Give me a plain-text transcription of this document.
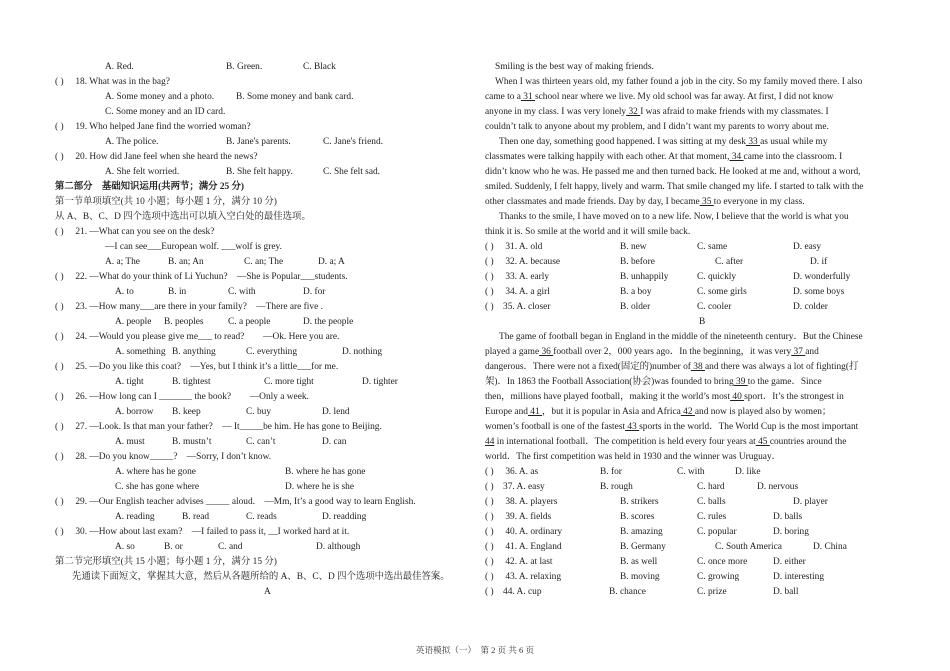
A. Red.	B. Green.	C. Black
( ) 18. What was in the bag?
A. Some money and a photo. B. Some money and bank card.
C. Some money and an ID card.
( ) 19. Who helped Jane find the worried woman?
A. The police.	B. Jane's parents.	C. Jane's friend.
( ) 20. How did Jane feel when she heard the news?
A. She felt worried.	B. She felt happy.	C. She felt sad.
第二部分　基础知识运用(共两节；满分 25 分)
第一节单项填空(共 10 小题；每小题 1 分，满分 10 分)
从 A、B、C、D 四个选项中选出可以填入空白处的最佳选项。
( ) 21. —What can you see on the desk?
—I can see___European wolf. ___wolf is grey.
A. a; The	B. an; An	C. an; The	D. a; A
( ) 22. —What do your think of Li Yuchun?　—She is Popular___students.
A. to	B. in	C. with	D. for
( ) 23. —How many___are there in your family?　—There are five .
A. people B. peoples	C. a people	D. the people
( ) 24. —Would you please give me___ to read?　　—Ok. Here you are.
A. something B. anything	C. everything	D. nothing
( ) 25. —Do you like this coat?　—Yes, but I think it’s a little___for me.
A. tight	B. tightest	C. more tight	D. tighter
( ) 26. —How long can I _______ the book?　　—Only a week.
A. borrow B. keep	C. buy	D. lend
( ) 27. —Look. Is that man your father?　— It_____be him. He has gone to Beijing.
A. must	B. mustn’t	C. can’t	D. can
( ) 28. —Do you know_____?　—Sorry, I don’t know.
A. where has he gone	B. where he has gone
C. she has gone where	D. where he is she
( ) 29. —Our English teacher advises _____ aloud.　—Mm, It’s a good way to learn English.
A. reading	B. read	C. reads	D. readding
( ) 30. —How about last exam?　—I failed to pass it, __I worked hard at it.
A. so	B. or	C. and	D. although
第二节完形填空(共 15 小题；每小题 1 分，满分 15 分)
先通读下面短文，掌握其大意，然后从各题所给的 A、B、C、D 四个选项中选出最佳答案。
A
Smiling is the best way of making friends.
When I was thirteen years old, my father found a job in the city. So my family moved there. I also
came to a 31 school near where we live. My old school was far away. At first, I did not know
anyone in my class. I was very lonely 32 I was afraid to make friends with my classmates. I
couldn’t talk to anyone about my problem, and I didn’t want my parents to worry about me.
Then one day, something good happened. I was sitting at my desk 33 as usual while my
classmates were talking happily with each other. At that moment, 34 came into the classroom. I
didn’t know who he was. He passed me and then turned back. He looked at me and, without a word,
smiled. Suddenly, I felt happy, lively and warm. That smile changed my life. I started to talk with the
other classmates and made friends. Day by day, I became 35 to everyone in my class.
Thanks to the smile, I have moved on to a new life. Now, I believe that the world is what you
think it is. So smile at the world and it will smile back.
( ) 31. A. old	B. new	C. same	D. easy
( ) 32. A. because	B. before	C. after	D. if
( ) 33. A. early	B. unhappily	C. quickly	D. wonderfully
( ) 34. A. a girl	B. a boy	C. some girls	D. some boys
( ) 35. A. closer	B. older	C. cooler	D. colder
B
The game of football began in England in the middle of the nineteenth century．But the Chinese
played a game 36 football over 2，000 years ago．In the beginning，it was very 37 and
dangerous．There were not a fixed(固定的)number of 38 and there was always a lot of fighting(打
架)．In 1863 the Football Association(协会)was founded to bring 39 to the game．Since
then，millions have played football，making it the world’s most 40 sport．It’s the strongest in
Europe and 41 ，but it is popular in Asia and Africa 42 and now is played also by women；
women’s football is one of the fastest 43 sports in the world．The World Cup is the most important
44 in international football．The competition is held every four years at 45 countries around the
world．The first competition was held in 1930 and the winner was Uruguay．
( ) 36. A. as	B. for	C. with	D. like
( ) 37. A. easy	B. rough	C. hard	D. nervous
( ) 38. A. players	B. strikers	C. balls	D. player
( ) 39. A. fields	B. scores	C. rules	D. balls
( ) 40. A. ordinary	B. amazing	C. popular	D. boring
( ) 41. A. England	B. Germany	C. South America	D. China
( ) 42. A. at last	B. as well	C. once more	D. either
( ) 43. A. relaxing	B. moving	C. growing	D. interesting
( ) 44. A. cup	B. chance	C. prize	D. ball
英语模拟（一）　第 2 页 共 6 页
